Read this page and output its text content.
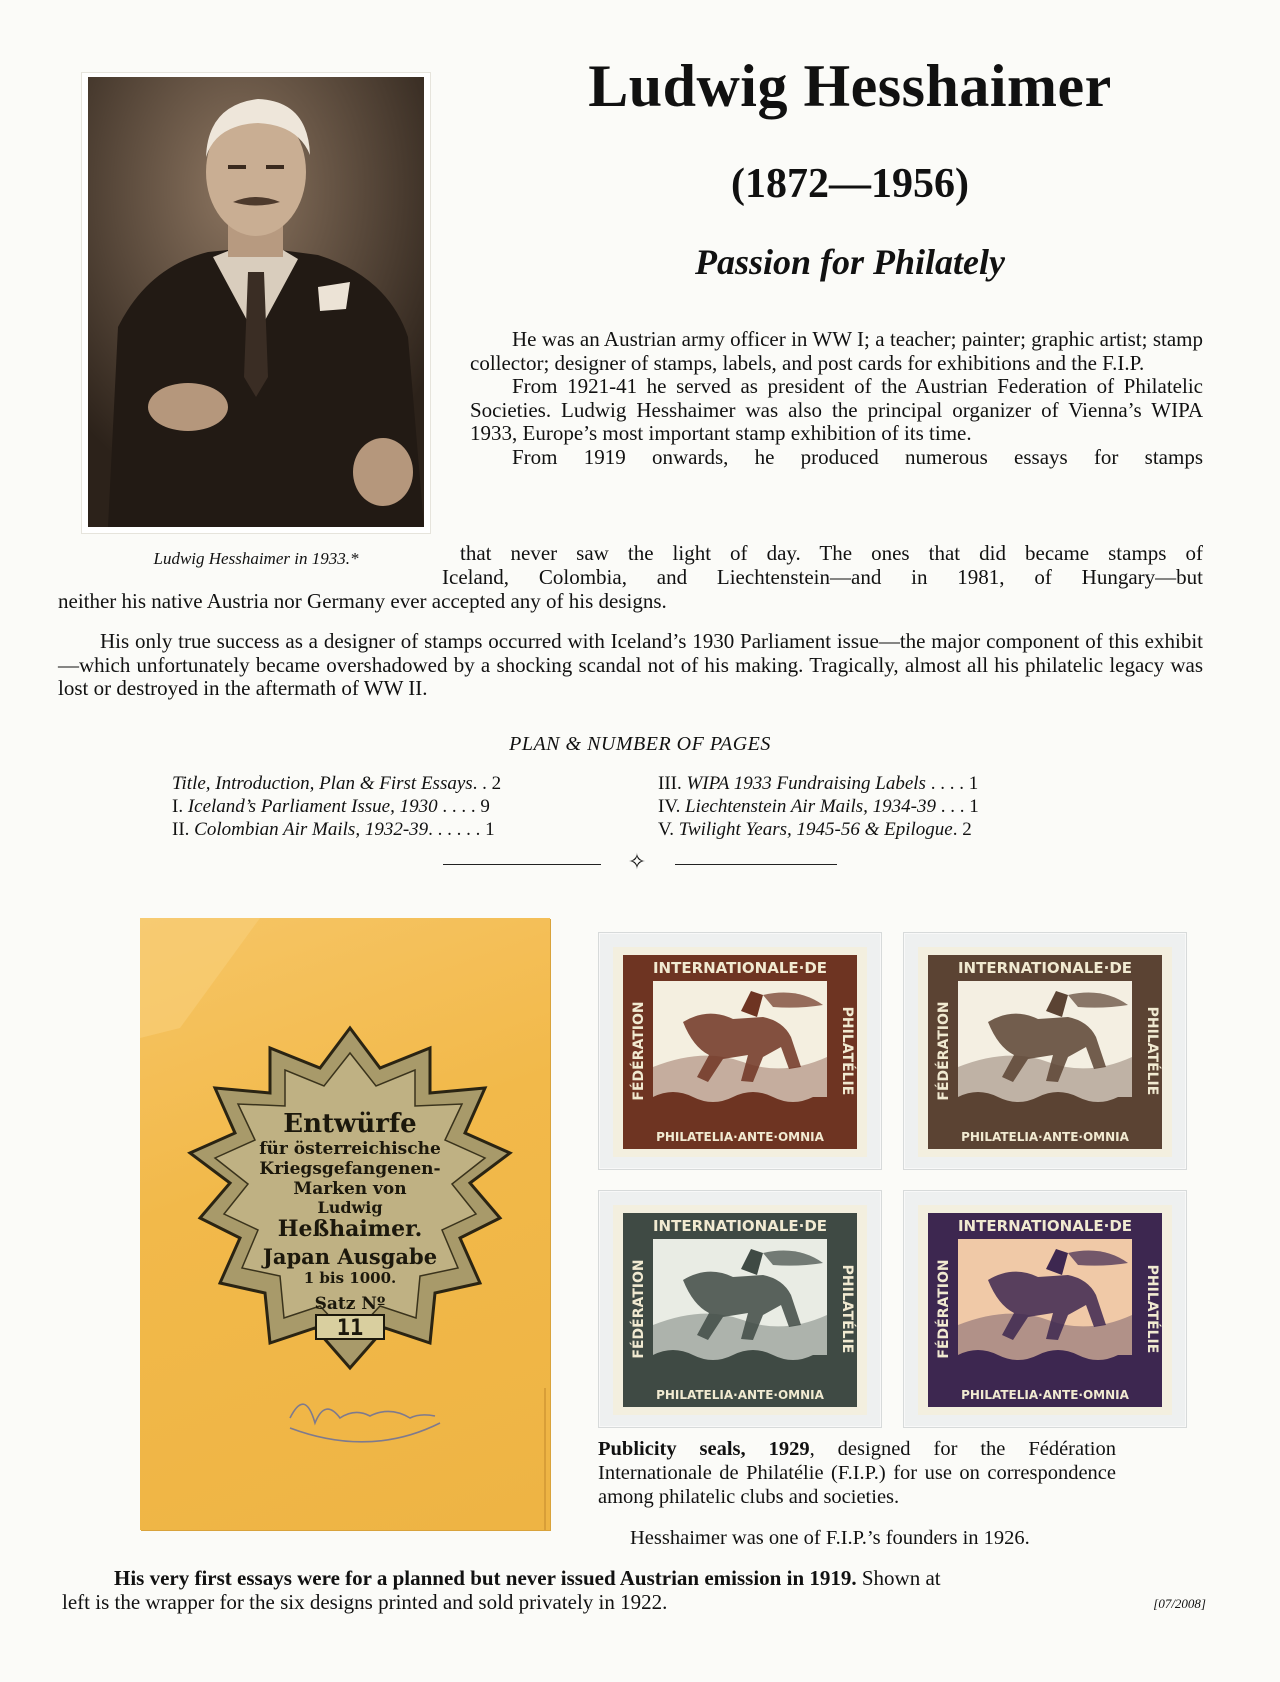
Ludwig Hesshaimer in 1933.*
Ludwig Hesshaimer
(1872—1956)
Passion for Philately

He was an Austrian army officer in WW I; a teacher; painter; graphic artist; stamp collector; designer of stamps, labels, and post cards for exhibitions and the F.I.P.

From 1921-41 he served as president of the Austrian Federation of Philatelic Societies. Ludwig Hesshaimer was also the principal organizer of Vienna’s WIPA 1933, Europe’s most important stamp exhibition of its time.

From 1919 onwards, he produced numerous essays for stamps

that never saw the light of day. The ones that did became stamps of
Iceland, Colombia, and Liechtenstein—and in 1981, of Hungary—but
neither his native Austria nor Germany ever accepted any of his designs.

His only true success as a designer of stamps occurred with Iceland’s 1930 Parliament issue—the major component of this exhibit—which unfortunately became overshadowed by a shocking scandal not of his making. Tragically, almost all his philatelic legacy was lost or destroyed in the aftermath of WW II.

PLAN & NUMBER OF PAGES
Title, Introduction, Plan & First Essays. . 2
I. Iceland’s Parliament Issue, 1930 . . . . 9
II. Colombian Air Mails, 1932-39. . . . . . 1
III. WIPA 1933 Fundraising Labels . . . . 1
IV. Liechtenstein Air Mails, 1934-39 . . . 1
V. Twilight Years, 1945-56 & Epilogue. 2
✧
Entwürfe
für österreichische
Kriegsgefangenen-
Marken von
Ludwig
Heßhaimer.
Japan Ausgabe
1 bis 1000.
Satz Nº
11
INTERNATIONALE·DE
PHILATELIA·ANTE·OMNIA
FÉDÉRATION	PHILATÉLIE
INTERNATIONALE·DE
PHILATELIA·ANTE·OMNIA
FÉDÉRATION	PHILATÉLIE
INTERNATIONALE·DE
PHILATELIA·ANTE·OMNIA
FÉDÉRATION	PHILATÉLIE
INTERNATIONALE·DE
PHILATELIA·ANTE·OMNIA
FÉDÉRATION	PHILATÉLIE

Publicity seals, 1929, designed for the Fédération Internationale de Philatélie (F.I.P.) for use on correspondence among philatelic clubs and societies.

Hesshaimer was one of F.I.P.’s founders in 1926.
His very first essays were for a planned but never issued Austrian emission in 1919. Shown at
left is the wrapper for the six designs printed and sold privately in 1922.	[07/2008]
